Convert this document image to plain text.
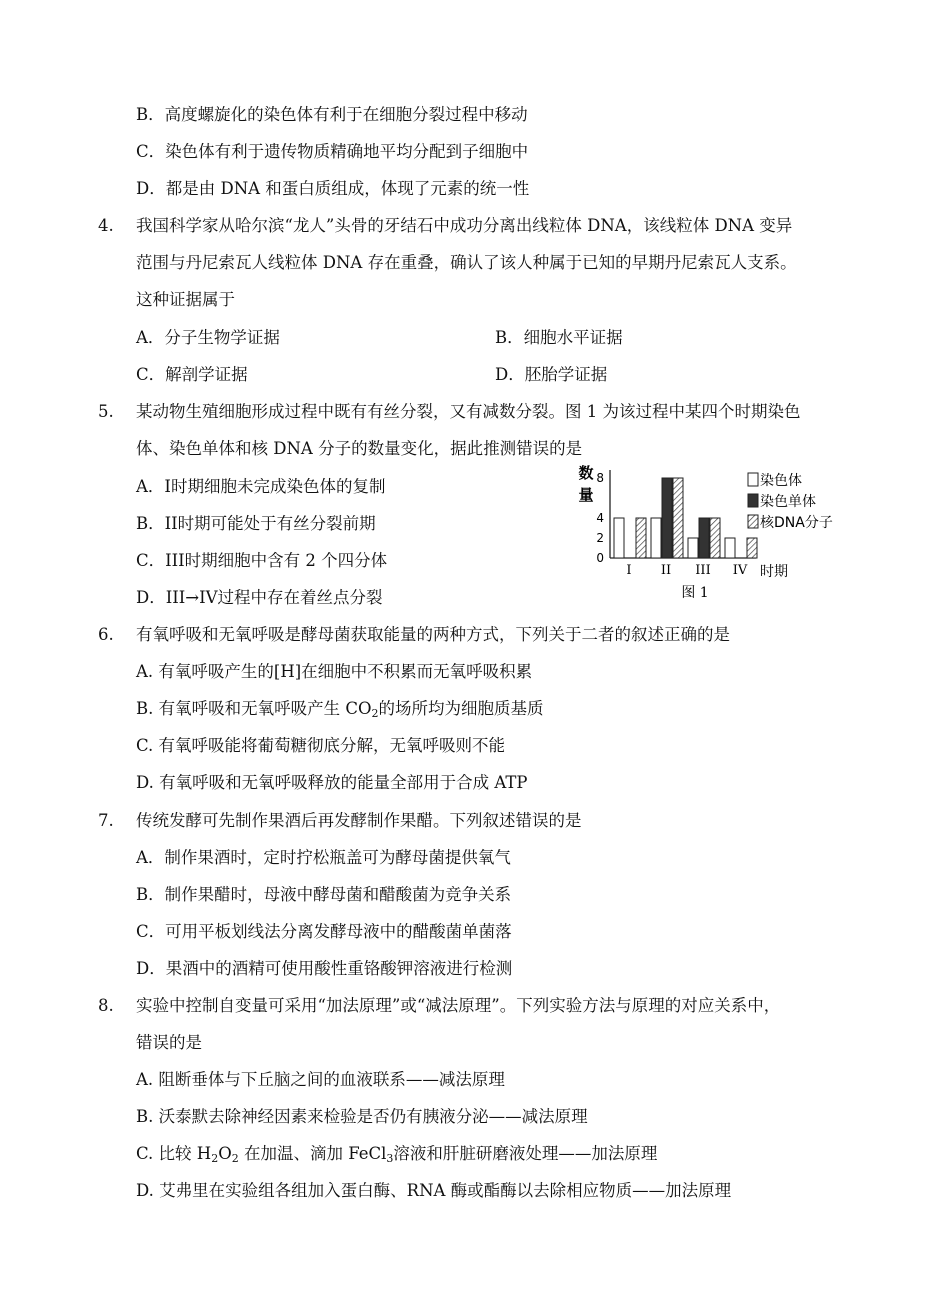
B．高度螺旋化的染色体有利于在细胞分裂过程中移动
C．染色体有利于遗传物质精确地平均分配到子细胞中
D．都是由 DNA 和蛋白质组成，体现了元素的统一性
4. 我国科学家从哈尔滨“龙人”头骨的牙结石中成功分离出线粒体 DNA，该线粒体 DNA 变异
范围与丹尼索瓦人线粒体 DNA 存在重叠，确认了该人种属于已知的早期丹尼索瓦人支系。
这种证据属于
A．分子生物学证据	B．细胞水平证据
C．解剖学证据	D．胚胎学证据
5. 某动物生殖细胞形成过程中既有有丝分裂，又有减数分裂。图 1 为该过程中某四个时期染色
体、染色单体和核 DNA 分子的数量变化，据此推测错误的是
A．I时期细胞未完成染色体的复制
B．II时期可能处于有丝分裂前期
C．III时期细胞中含有 2 个四分体
D．III→IV过程中存在着丝点分裂
数
量
0
2
4
8
I II III IV 时期
染色体
染色单体
核DNA分子
图 1
6. 有氧呼吸和无氧呼吸是酵母菌获取能量的两种方式，下列关于二者的叙述正确的是
A. 有氧呼吸产生的[H]在细胞中不积累而无氧呼吸积累
B. 有氧呼吸和无氧呼吸产生 $CO_2$的场所均为细胞质基质
C. 有氧呼吸能将葡萄糖彻底分解，无氧呼吸则不能
D. 有氧呼吸和无氧呼吸释放的能量全部用于合成 ATP
7. 传统发酵可先制作果酒后再发酵制作果醋。下列叙述错误的是
A．制作果酒时，定时拧松瓶盖可为酵母菌提供氧气
B．制作果醋时，母液中酵母菌和醋酸菌为竞争关系
C．可用平板划线法分离发酵母液中的醋酸菌单菌落
D．果酒中的酒精可使用酸性重铬酸钾溶液进行检测
8. 实验中控制自变量可采用“加法原理”或“减法原理”。下列实验方法与原理的对应关系中，
错误的是
A. 阻断垂体与下丘脑之间的血液联系——减法原理
B. 沃泰默去除神经因素来检验是否仍有胰液分泌——减法原理
C. 比较 $H_2O_2$ 在加温、滴加 FeCl$_3$溶液和肝脏研磨液处理——加法原理
D. 艾弗里在实验组各组加入蛋白酶、RNA 酶或酯酶以去除相应物质——加法原理
